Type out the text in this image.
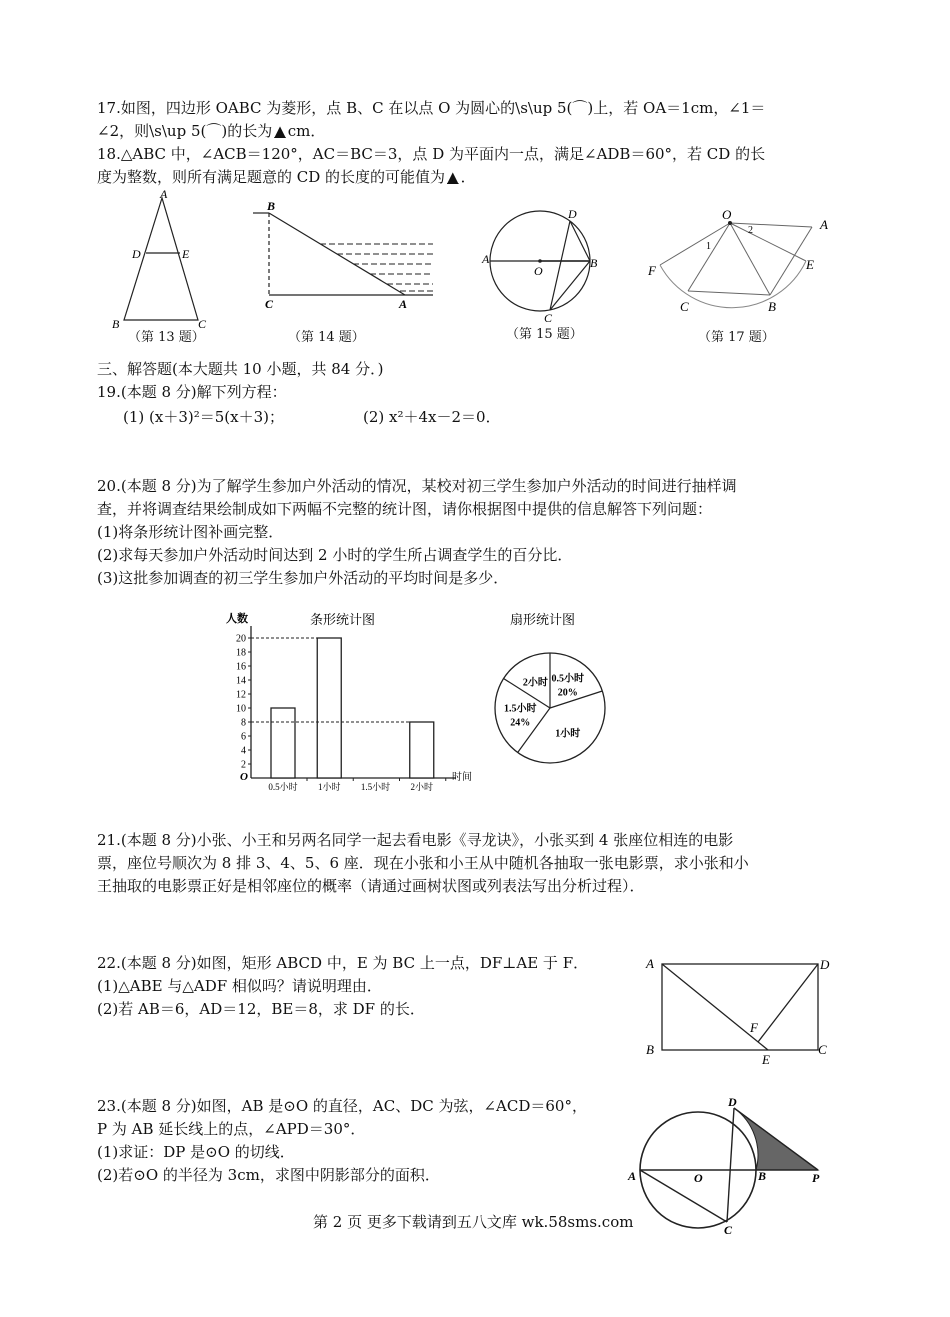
17.如图，四边形 OABC 为菱形，点 B、C 在以点 O 为圆心的\s\up 5(⌒)上，若 OA＝1cm，∠1＝
∠2，则\s\up 5(⌒)的长为 ▲ cm．
18.△ABC 中，∠ACB＝120°，AC＝BC＝3，点 D 为平面内一点，满足∠ADB＝60°，若 CD 的长
度为整数，则所有满足题意的 CD 的长度的可能值为 ▲ ．
A
D	E
B	C
（第 13 题）
B
C	A
（第 14 题）
D
A
O
B
C
（第 15 题）
O
A
2
1
F	E
C	B
（第 17 题）
三、解答题(本大题共 10 小题，共 84 分．)
19.(本题 8 分)解下列方程：
(1) (x＋3)²＝5(x＋3)；	(2) x²＋4x－2＝0．
20.(本题 8 分)为了解学生参加户外活动的情况，某校对初三学生参加户外活动的时间进行抽样调
查，并将调查结果绘制成如下两幅不完整的统计图，请你根据图中提供的信息解答下列问题：
(1)将条形统计图补画完整．
(2)求每天参加户外活动时间达到 2 小时的学生所占调查学生的百分比．
(3)这批参加调查的初三学生参加户外活动的平均时间是多少．
人数	条形统计图
O	时间
2
4
6
8
10
12
14
16
18
20
0.5小时 1小时 1.5小时 2小时
扇形统计图
0.5小时
20%
1小时
1.5小时
24%
2小时
21.(本题 8 分)小张、小王和另两名同学一起去看电影《寻龙诀》，小张买到 4 张座位相连的电影
票，座位号顺次为 8 排 3、4、5、6 座．现在小张和小王从中随机各抽取一张电影票，求小张和小
王抽取的电影票正好是相邻座位的概率（请通过画树状图或列表法写出分析过程）．
22.(本题 8 分)如图，矩形 ABCD 中，E 为 BC 上一点，DF⊥AE 于 F．
(1)△ABE 与△ADF 相似吗？请说明理由．
(2)若 AB＝6，AD＝12，BE＝8，求 DF 的长．
A	D
F
B
E
C
23.(本题 8 分)如图，AB 是⊙O 的直径，AC、DC 为弦，∠ACD＝60°，
P 为 AB 延长线上的点，∠APD＝30°．
(1)求证：DP 是⊙O 的切线．
(2)若⊙O 的半径为 3cm，求图中阴影部分的面积．
D
A	O	B	P
C
第 2 页 更多下载请到五八文库 wk.58sms.com
